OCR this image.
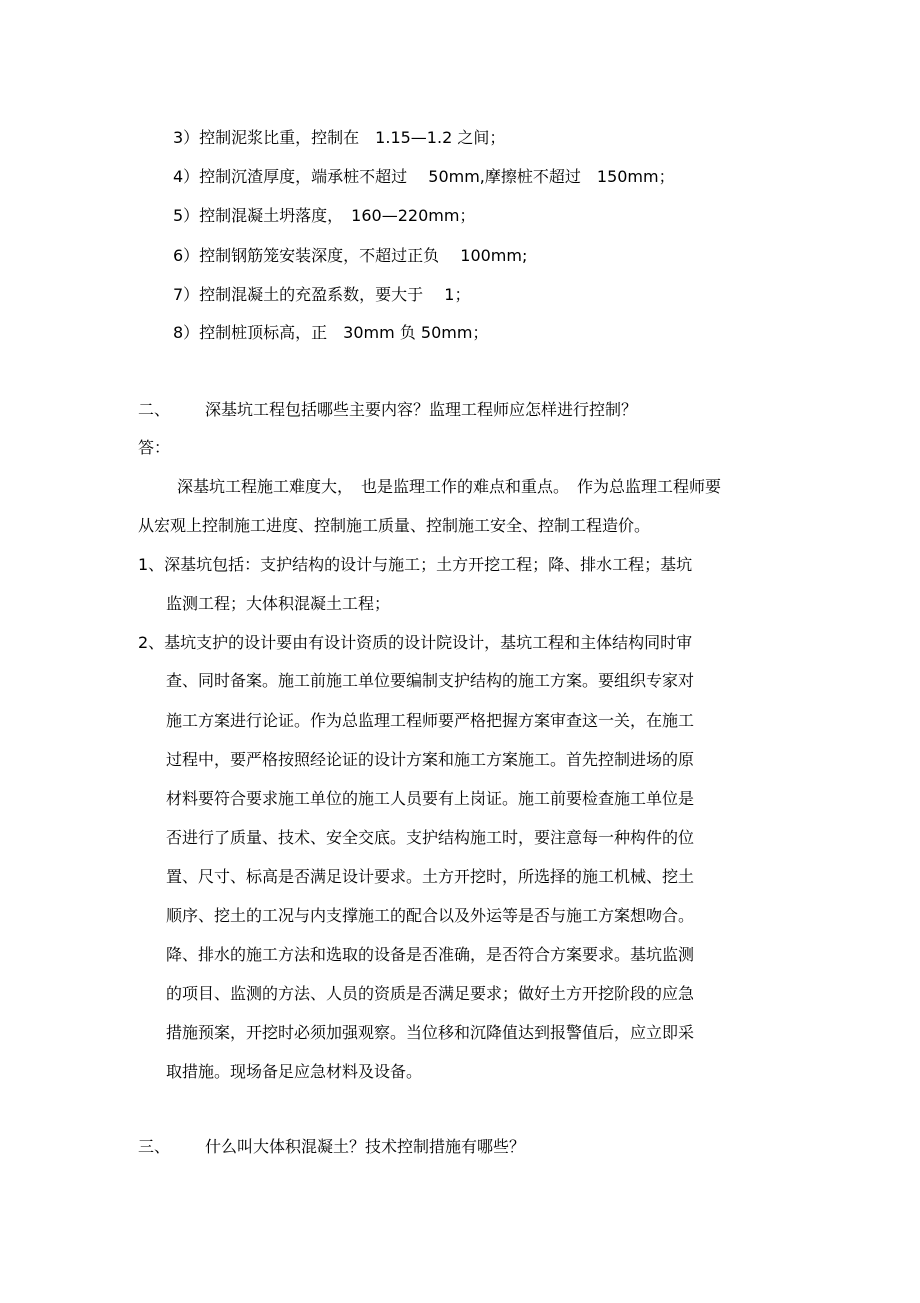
3）控制泥浆比重，控制在　1.15—1.2 之间；
4）控制沉渣厚度，端承桩不超过　 50mm,摩擦桩不超过　150mm；
5）控制混凝土坍落度，　160—220mm；
6）控制钢筋笼安装深度，不超过正负　 100mm;
7）控制混凝土的充盈系数，要大于　 1；
8）控制桩顶标高，正　30mm 负 50mm；
二、 深基坑工程包括哪些主要内容？监理工程师应怎样进行控制？
答：
深基坑工程施工难度大，　也是监理工作的难点和重点。　作为总监理工程师要
从宏观上控制施工进度、控制施工质量、控制施工安全、控制工程造价。
1、深基坑包括：支护结构的设计与施工；土方开挖工程；降、排水工程；基坑
监测工程；大体积混凝土工程；
2、基坑支护的设计要由有设计资质的设计院设计，基坑工程和主体结构同时审
查、同时备案。施工前施工单位要编制支护结构的施工方案。要组织专家对
施工方案进行论证。作为总监理工程师要严格把握方案审查这一关，在施工
过程中，要严格按照经论证的设计方案和施工方案施工。首先控制进场的原
材料要符合要求施工单位的施工人员要有上岗证。施工前要检查施工单位是
否进行了质量、技术、安全交底。支护结构施工时，要注意每一种构件的位
置、尺寸、标高是否满足设计要求。土方开挖时，所选择的施工机械、挖土
顺序、挖土的工况与内支撑施工的配合以及外运等是否与施工方案想吻合。
降、排水的施工方法和选取的设备是否准确，是否符合方案要求。基坑监测
的项目、监测的方法、人员的资质是否满足要求；做好土方开挖阶段的应急
措施预案，开挖时必须加强观察。当位移和沉降值达到报警值后，应立即采
取措施。现场备足应急材料及设备。
三、 什么叫大体积混凝土？技术控制措施有哪些？
